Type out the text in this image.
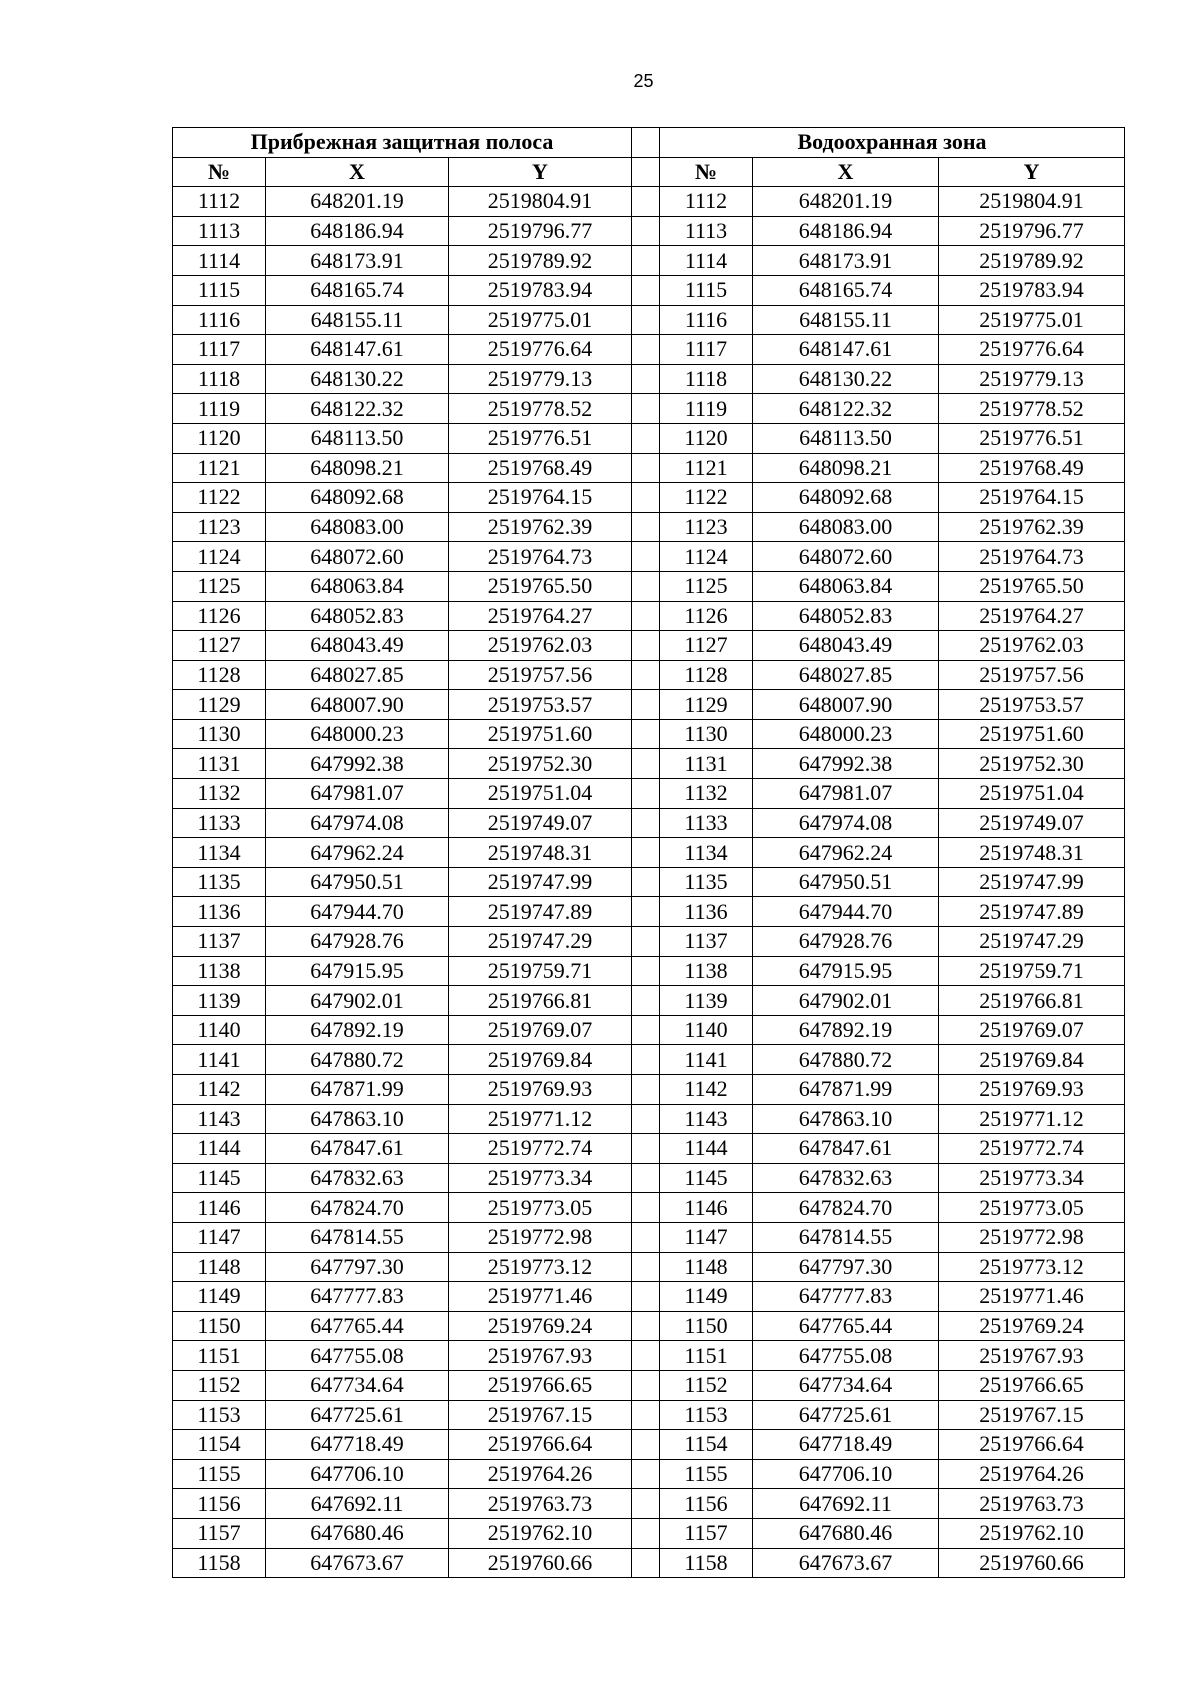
25
Прибрежная защитная полоса				Водоохранная зона		
№	X	Y		№	X	Y
1112	648201.19	2519804.91		1112	648201.19	2519804.91
1113	648186.94	2519796.77		1113	648186.94	2519796.77
1114	648173.91	2519789.92		1114	648173.91	2519789.92
1115	648165.74	2519783.94		1115	648165.74	2519783.94
1116	648155.11	2519775.01		1116	648155.11	2519775.01
1117	648147.61	2519776.64		1117	648147.61	2519776.64
1118	648130.22	2519779.13		1118	648130.22	2519779.13
1119	648122.32	2519778.52		1119	648122.32	2519778.52
1120	648113.50	2519776.51		1120	648113.50	2519776.51
1121	648098.21	2519768.49		1121	648098.21	2519768.49
1122	648092.68	2519764.15		1122	648092.68	2519764.15
1123	648083.00	2519762.39		1123	648083.00	2519762.39
1124	648072.60	2519764.73		1124	648072.60	2519764.73
1125	648063.84	2519765.50		1125	648063.84	2519765.50
1126	648052.83	2519764.27		1126	648052.83	2519764.27
1127	648043.49	2519762.03		1127	648043.49	2519762.03
1128	648027.85	2519757.56		1128	648027.85	2519757.56
1129	648007.90	2519753.57		1129	648007.90	2519753.57
1130	648000.23	2519751.60		1130	648000.23	2519751.60
1131	647992.38	2519752.30		1131	647992.38	2519752.30
1132	647981.07	2519751.04		1132	647981.07	2519751.04
1133	647974.08	2519749.07		1133	647974.08	2519749.07
1134	647962.24	2519748.31		1134	647962.24	2519748.31
1135	647950.51	2519747.99		1135	647950.51	2519747.99
1136	647944.70	2519747.89		1136	647944.70	2519747.89
1137	647928.76	2519747.29		1137	647928.76	2519747.29
1138	647915.95	2519759.71		1138	647915.95	2519759.71
1139	647902.01	2519766.81		1139	647902.01	2519766.81
1140	647892.19	2519769.07		1140	647892.19	2519769.07
1141	647880.72	2519769.84		1141	647880.72	2519769.84
1142	647871.99	2519769.93		1142	647871.99	2519769.93
1143	647863.10	2519771.12		1143	647863.10	2519771.12
1144	647847.61	2519772.74		1144	647847.61	2519772.74
1145	647832.63	2519773.34		1145	647832.63	2519773.34
1146	647824.70	2519773.05		1146	647824.70	2519773.05
1147	647814.55	2519772.98		1147	647814.55	2519772.98
1148	647797.30	2519773.12		1148	647797.30	2519773.12
1149	647777.83	2519771.46		1149	647777.83	2519771.46
1150	647765.44	2519769.24		1150	647765.44	2519769.24
1151	647755.08	2519767.93		1151	647755.08	2519767.93
1152	647734.64	2519766.65		1152	647734.64	2519766.65
1153	647725.61	2519767.15		1153	647725.61	2519767.15
1154	647718.49	2519766.64		1154	647718.49	2519766.64
1155	647706.10	2519764.26		1155	647706.10	2519764.26
1156	647692.11	2519763.73		1156	647692.11	2519763.73
1157	647680.46	2519762.10		1157	647680.46	2519762.10
1158	647673.67	2519760.66		1158	647673.67	2519760.66
